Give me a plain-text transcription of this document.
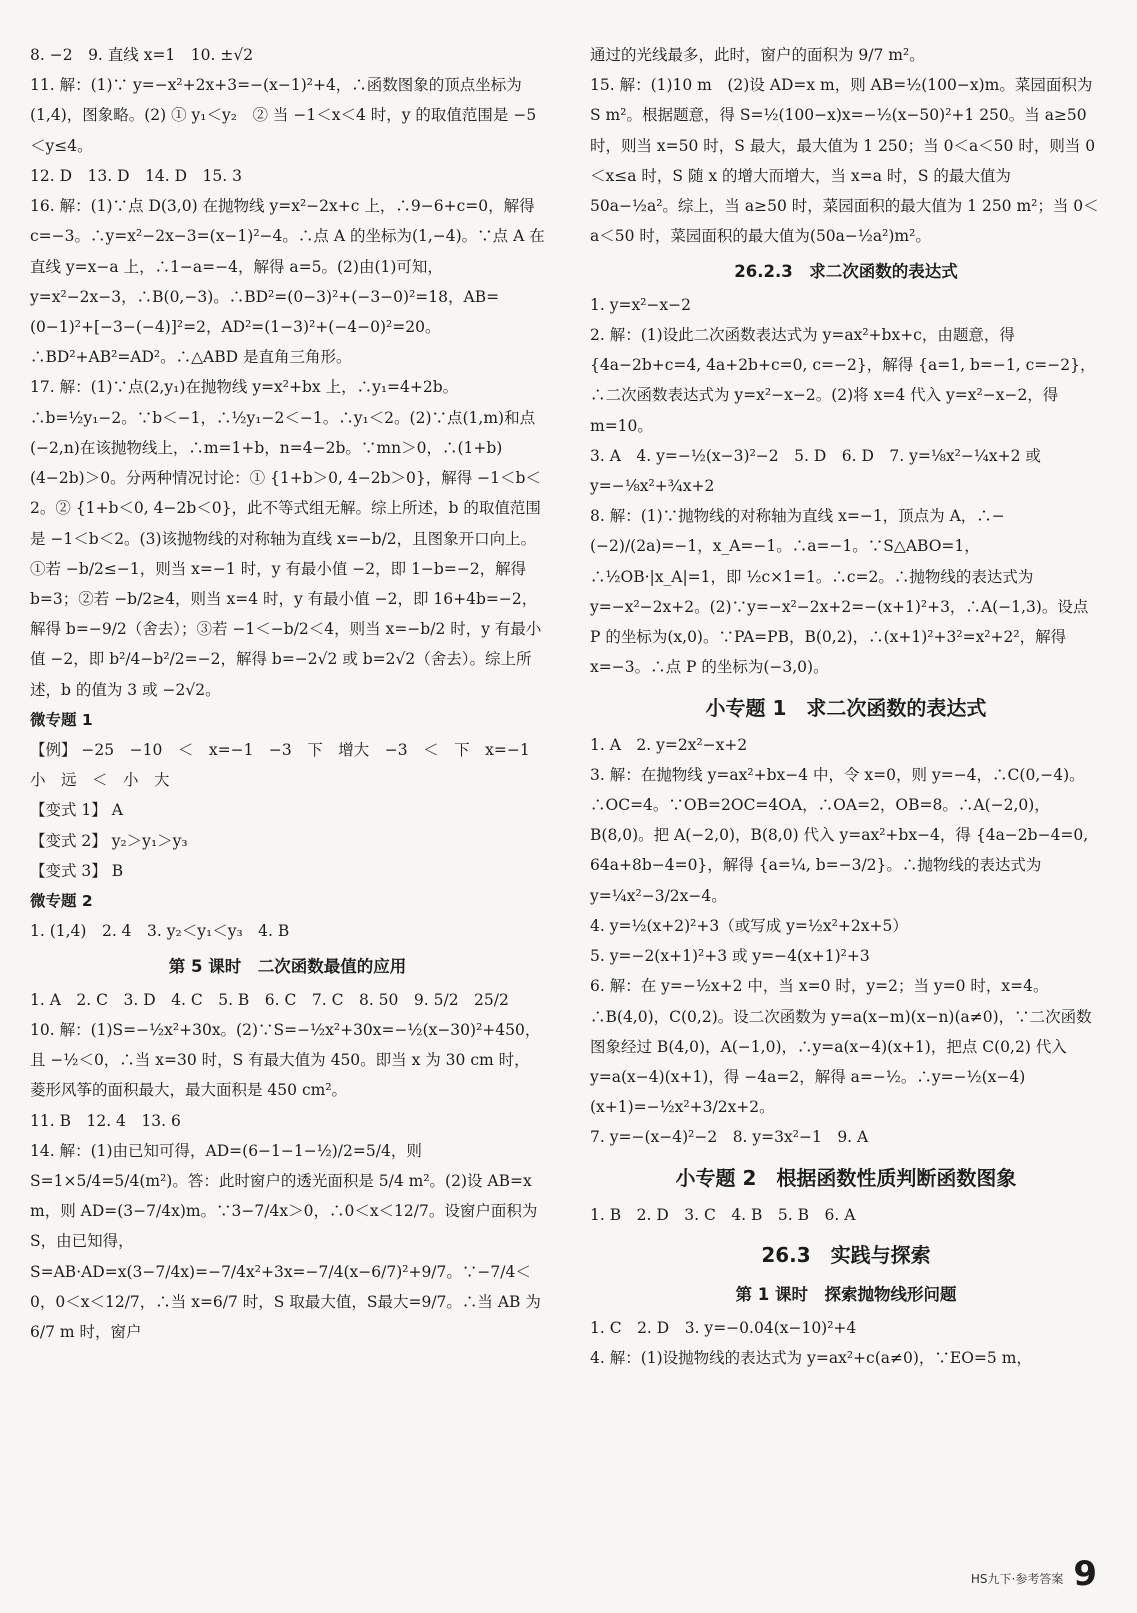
8. −2　9. 直线 x=1　10. ±√2
11. 解：(1)∵ y=−x²+2x+3=−(x−1)²+4，∴函数图象的顶点坐标为(1,4)，图象略。(2) ① y₁＜y₂　② 当 −1＜x＜4 时，y 的取值范围是 −5＜y≤4。
12. D　13. D　14. D　15. 3
16. 解：(1)∵点 D(3,0) 在抛物线 y=x²−2x+c 上，∴9−6+c=0，解得 c=−3。∴y=x²−2x−3=(x−1)²−4。∴点 A 的坐标为(1,−4)。∵点 A 在直线 y=x−a 上，∴1−a=−4，解得 a=5。(2)由(1)可知，y=x²−2x−3，∴B(0,−3)。∴BD²=(0−3)²+(−3−0)²=18，AB=(0−1)²+[−3−(−4)]²=2，AD²=(1−3)²+(−4−0)²=20。∴BD²+AB²=AD²。∴△ABD 是直角三角形。
17. 解：(1)∵点(2,y₁)在抛物线 y=x²+bx 上，∴y₁=4+2b。∴b=½y₁−2。∵b＜−1，∴½y₁−2＜−1。∴y₁＜2。(2)∵点(1,m)和点(−2,n)在该抛物线上，∴m=1+b，n=4−2b。∵mn＞0，∴(1+b)(4−2b)＞0。分两种情况讨论：① {1+b＞0, 4−2b＞0}，解得 −1＜b＜2。② {1+b＜0, 4−2b＜0}，此不等式组无解。综上所述，b 的取值范围是 −1＜b＜2。(3)该抛物线的对称轴为直线 x=−b/2，且图象开口向上。①若 −b/2≤−1，则当 x=−1 时，y 有最小值 −2，即 1−b=−2，解得 b=3；②若 −b/2≥4，则当 x=4 时，y 有最小值 −2，即 16+4b=−2，解得 b=−9/2（舍去）；③若 −1＜−b/2＜4，则当 x=−b/2 时，y 有最小值 −2，即 b²/4−b²/2=−2，解得 b=−2√2 或 b=2√2（舍去）。综上所述，b 的值为 3 或 −2√2。
微专题 1
【例】 −25　−10　＜　x=−1　−3　下　增大　−3　＜　下　x=−1　小　远　＜　小　大
【变式 1】 A
【变式 2】 y₂＞y₁＞y₃
【变式 3】 B
微专题 2
1. (1,4)　2. 4　3. y₂＜y₁＜y₃　4. B
第 5 课时　二次函数最值的应用
1. A　2. C　3. D　4. C　5. B　6. C　7. C　8. 50　9. 5/2　25/2
10. 解：(1)S=−½x²+30x。(2)∵S=−½x²+30x=−½(x−30)²+450，且 −½＜0，∴当 x=30 时，S 有最大值为 450。即当 x 为 30 cm 时，菱形风筝的面积最大，最大面积是 450 cm²。
11. B　12. 4　13. 6
14. 解：(1)由已知可得，AD=(6−1−1−½)/2=5/4，则 S=1×5/4=5/4(m²)。答：此时窗户的透光面积是 5/4 m²。(2)设 AB=x m，则 AD=(3−7/4x)m。∵3−7/4x＞0，∴0＜x＜12/7。设窗户面积为 S，由已知得，S=AB·AD=x(3−7/4x)=−7/4x²+3x=−7/4(x−6/7)²+9/7。∵−7/4＜0，0＜x＜12/7，∴当 x=6/7 时，S 取最大值，S最大=9/7。∴当 AB 为 6/7 m 时，窗户
通过的光线最多，此时，窗户的面积为 9/7 m²。
15. 解：(1)10 m　(2)设 AD=x m，则 AB=½(100−x)m。菜园面积为 S m²。根据题意，得 S=½(100−x)x=−½(x−50)²+1 250。当 a≥50 时，则当 x=50 时，S 最大，最大值为 1 250；当 0＜a＜50 时，则当 0＜x≤a 时，S 随 x 的增大而增大，当 x=a 时，S 的最大值为 50a−½a²。综上，当 a≥50 时，菜园面积的最大值为 1 250 m²；当 0＜a＜50 时，菜园面积的最大值为(50a−½a²)m²。
26.2.3　求二次函数的表达式
1. y=x²−x−2
2. 解：(1)设此二次函数表达式为 y=ax²+bx+c，由题意，得 {4a−2b+c=4, 4a+2b+c=0, c=−2}，解得 {a=1, b=−1, c=−2}，∴二次函数表达式为 y=x²−x−2。(2)将 x=4 代入 y=x²−x−2，得 m=10。
3. A　4. y=−½(x−3)²−2　5. D　6. D　7. y=⅛x²−¼x+2 或 y=−⅛x²+¾x+2
8. 解：(1)∵抛物线的对称轴为直线 x=−1，顶点为 A，∴−(−2)/(2a)=−1，x_A=−1。∴a=−1。∵S△ABO=1，∴½OB·|x_A|=1，即 ½c×1=1。∴c=2。∴抛物线的表达式为 y=−x²−2x+2。(2)∵y=−x²−2x+2=−(x+1)²+3，∴A(−1,3)。设点 P 的坐标为(x,0)。∵PA=PB，B(0,2)，∴(x+1)²+3²=x²+2²，解得 x=−3。∴点 P 的坐标为(−3,0)。
小专题 1　求二次函数的表达式
1. A　2. y=2x²−x+2
3. 解：在抛物线 y=ax²+bx−4 中，令 x=0，则 y=−4，∴C(0,−4)。∴OC=4。∵OB=2OC=4OA，∴OA=2，OB=8。∴A(−2,0)，B(8,0)。把 A(−2,0)，B(8,0) 代入 y=ax²+bx−4，得 {4a−2b−4=0, 64a+8b−4=0}，解得 {a=¼, b=−3/2}。∴抛物线的表达式为 y=¼x²−3/2x−4。
4. y=½(x+2)²+3（或写成 y=½x²+2x+5）
5. y=−2(x+1)²+3 或 y=−4(x+1)²+3
6. 解：在 y=−½x+2 中，当 x=0 时，y=2；当 y=0 时，x=4。∴B(4,0)，C(0,2)。设二次函数为 y=a(x−m)(x−n)(a≠0)，∵二次函数图象经过 B(4,0)，A(−1,0)，∴y=a(x−4)(x+1)，把点 C(0,2) 代入 y=a(x−4)(x+1)，得 −4a=2，解得 a=−½。∴y=−½(x−4)(x+1)=−½x²+3/2x+2。
7. y=−(x−4)²−2　8. y=3x²−1　9. A
小专题 2　根据函数性质判断函数图象
1. B　2. D　3. C　4. B　5. B　6. A
26.3　实践与探索
第 1 课时　探索抛物线形问题
1. C　2. D　3. y=−0.04(x−10)²+4
4. 解：(1)设抛物线的表达式为 y=ax²+c(a≠0)，∵EO=5 m，
HS九下·参考答案 9
